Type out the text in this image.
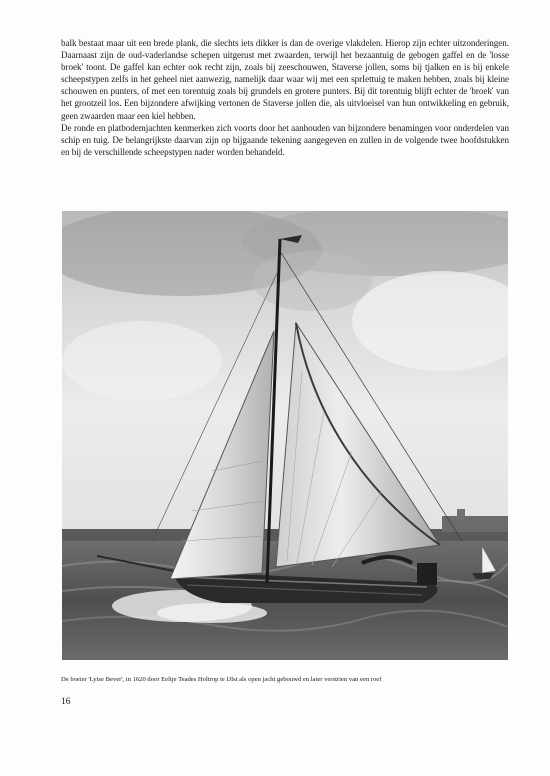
balk bestaat maar uit een brede plank, die slechts iets dikker is dan de overige vlakdelen. Hierop zijn echter uitzonderingen. Daarnaast zijn de oud-vaderlandse schepen uitgerust met zwaarden, terwijl het bezaantuig de gebogen gaffel en de 'losse broek' toont. De gaffel kan echter ook recht zijn, zoals bij zeeschouwen, Staverse jollen, soms bij tjalken en is bij enkele scheepstypen zelfs in het geheel niet aanwezig, namelijk daar waar wij met een sprIettuig te maken hebben, zoals bij kleine schouwen en punters, of met een torentuig zoals bij grundels en grotere punters. Bij dit torentuig blijft echter de 'broek' van het grootzeil los. Een bijzondere afwijking vertonen de Staverse jollen die, als uitvloeisel van hun ontwikkeling en gebruik, geen zwaarden maar een kiel hebben.

De ronde en platbodemjachten kenmerken zich voorts door het aanhouden van bijzondere benamingen voor onderdelen van schip en tuig. De belangrijkste daarvan zijn op bijgaande tekening aangegeven en zullen in de volgende twee hoofdstukken en bij de verschillende scheepstypen nader worden behandeld.

De boeier 'Lytse Bever', in 1620 door Eeltje Teades Holtrop te IJlst als open jacht gebouwd en later verstrien van een roef
16
